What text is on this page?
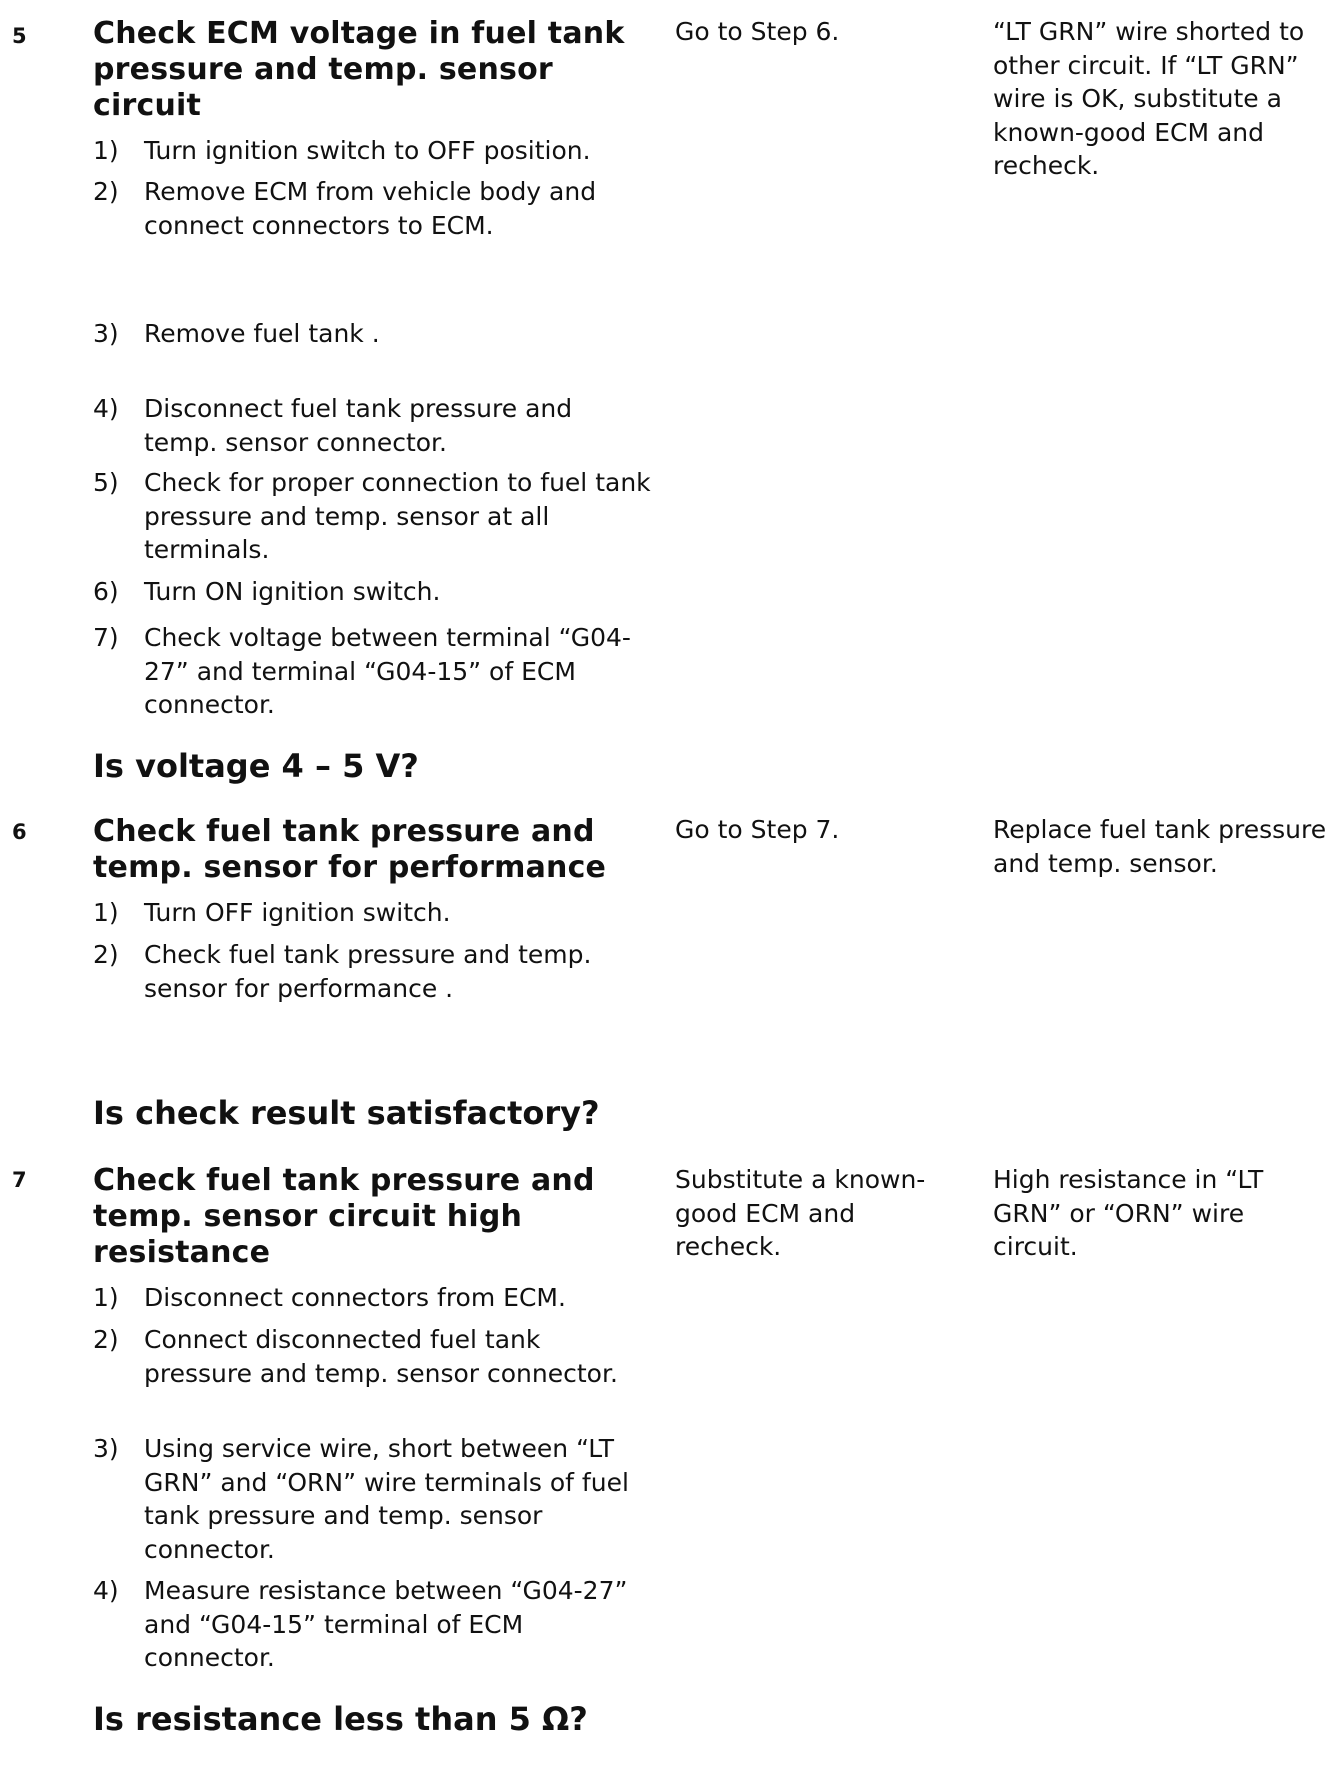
5 Check ECM voltage in fuel tank pressure and temp. sensor circuit
1) Turn ignition switch to OFF position.
2) Remove ECM from vehicle body and connect connectors to ECM.
3) Remove fuel tank .
4) Disconnect fuel tank pressure and temp. sensor connector.
5) Check for proper connection to fuel tank pressure and temp. sensor at all terminals.
6) Turn ON ignition switch.
7) Check voltage between terminal “G04-27” and terminal “G04-15” of ECM connector.
Is voltage 4 – 5 V?
Go to Step 6.	“LT GRN” wire shorted to other circuit. If “LT GRN” wire is OK, substitute a known-good ECM and recheck.
6 Check fuel tank pressure and temp. sensor for performance
1) Turn OFF ignition switch.
2) Check fuel tank pressure and temp. sensor for performance .
Is check result satisfactory?
Go to Step 7.	Replace fuel tank pressure and temp. sensor.
7 Check fuel tank pressure and temp. sensor circuit high resistance
1) Disconnect connectors from ECM.
2) Connect disconnected fuel tank pressure and temp. sensor connector.
3) Using service wire, short between “LT GRN” and “ORN” wire terminals of fuel tank pressure and temp. sensor connector.
4) Measure resistance between “G04-27” and “G04-15” terminal of ECM connector.
Is resistance less than 5 Ω?
Substitute a known-good ECM and recheck.
High resistance in “LT GRN” or “ORN” wire circuit.
